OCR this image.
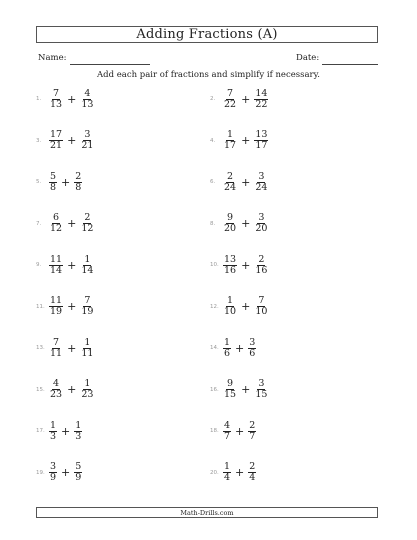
Adding Fractions (A)
Name:	Date:
Add each pair of fractions and simplify if necessary.
1. $\frac{7}{13} + \frac{4}{13}$	2. $\frac{7}{22} + \frac{14}{22}$
3. $\frac{17}{21} + \frac{3}{21}$	4. $\frac{1}{17} + \frac{13}{17}$
5. $\frac{5}{8} + \frac{2}{8}$	6. $\frac{2}{24} + \frac{3}{24}$
7. $\frac{6}{12} + \frac{2}{12}$	8. $\frac{9}{20} + \frac{3}{20}$
9. $\frac{11}{14} + \frac{1}{14}$	10. $\frac{13}{16} + \frac{2}{16}$
11. $\frac{11}{19} + \frac{7}{19}$	12. $\frac{1}{10} + \frac{7}{10}$
13. $\frac{7}{11} + \frac{1}{11}$	14. $\frac{1}{6} + \frac{3}{6}$
15. $\frac{4}{23} + \frac{1}{23}$	16. $\frac{9}{15} + \frac{3}{15}$
17. $\frac{1}{3} + \frac{1}{3}$	18. $\frac{4}{7} + \frac{2}{7}$
19. $\frac{3}{9} + \frac{5}{9}$	20. $\frac{1}{4} + \frac{2}{4}$
Math-Drills.com
